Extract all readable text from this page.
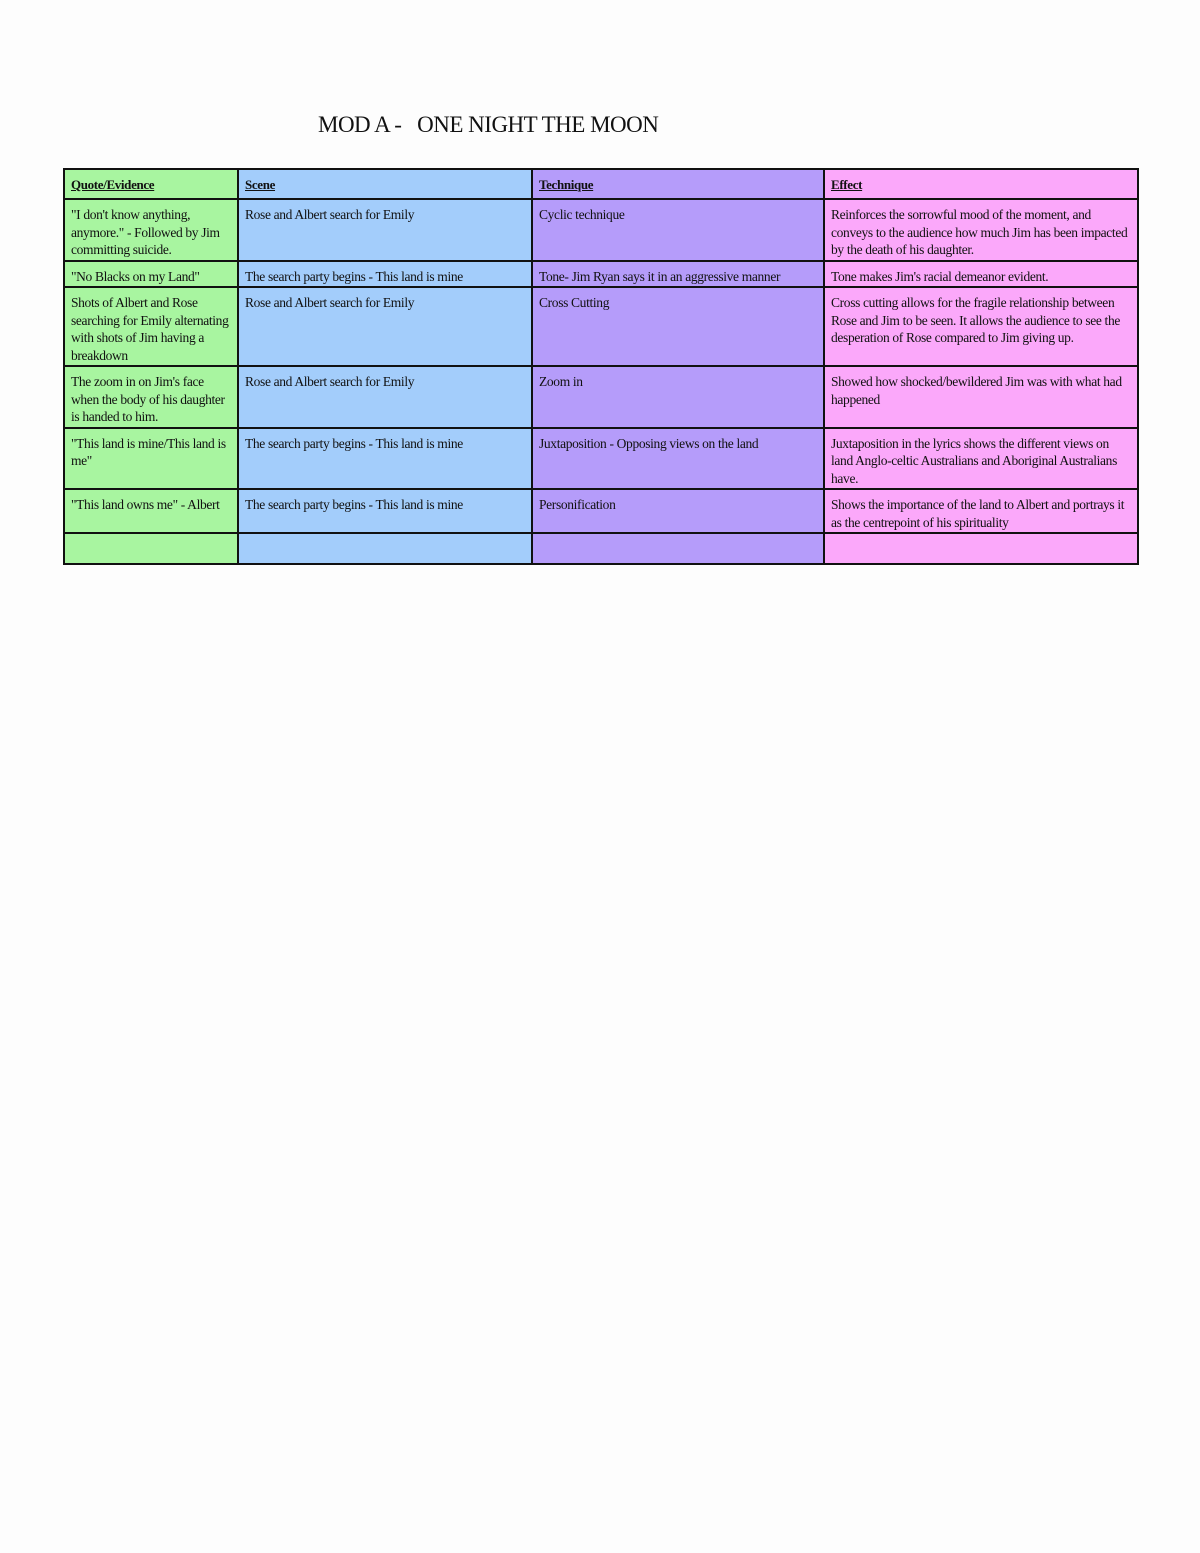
MOD A -   ONE NIGHT THE MOON
Quote/Evidence	Scene	Technique	Effect
"I don't know anything, anymore." - Followed by Jim committing suicide.	Rose and Albert search for Emily	Cyclic technique	Reinforces the sorrowful mood of the moment, and conveys to the audience how much Jim has been impacted by the death of his daughter.
"No Blacks on my Land"	The search party begins - This land is mine	Tone- Jim Ryan says it in an aggressive manner	Tone makes Jim's racial demeanor evident.
Shots of Albert and Rose searching for Emily alternating with shots of Jim having a breakdown	Rose and Albert search for Emily	Cross Cutting	Cross cutting allows for the fragile relationship between Rose and Jim to be seen. It allows the audience to see the desperation of Rose compared to Jim giving up.
The zoom in on Jim's face when the body of his daughter is handed to him.	Rose and Albert search for Emily	Zoom in	Showed how shocked/bewildered Jim was with what had happened
"This land is mine/This land is me"	The search party begins - This land is mine	Juxtaposition - Opposing views on the land	Juxtaposition in the lyrics shows the different views on land Anglo-celtic Australians and Aboriginal Australians have.
"This land owns me" - Albert	The search party begins - This land is mine	Personification	Shows the importance of the land to Albert and portrays it as the centrepoint of his spirituality
